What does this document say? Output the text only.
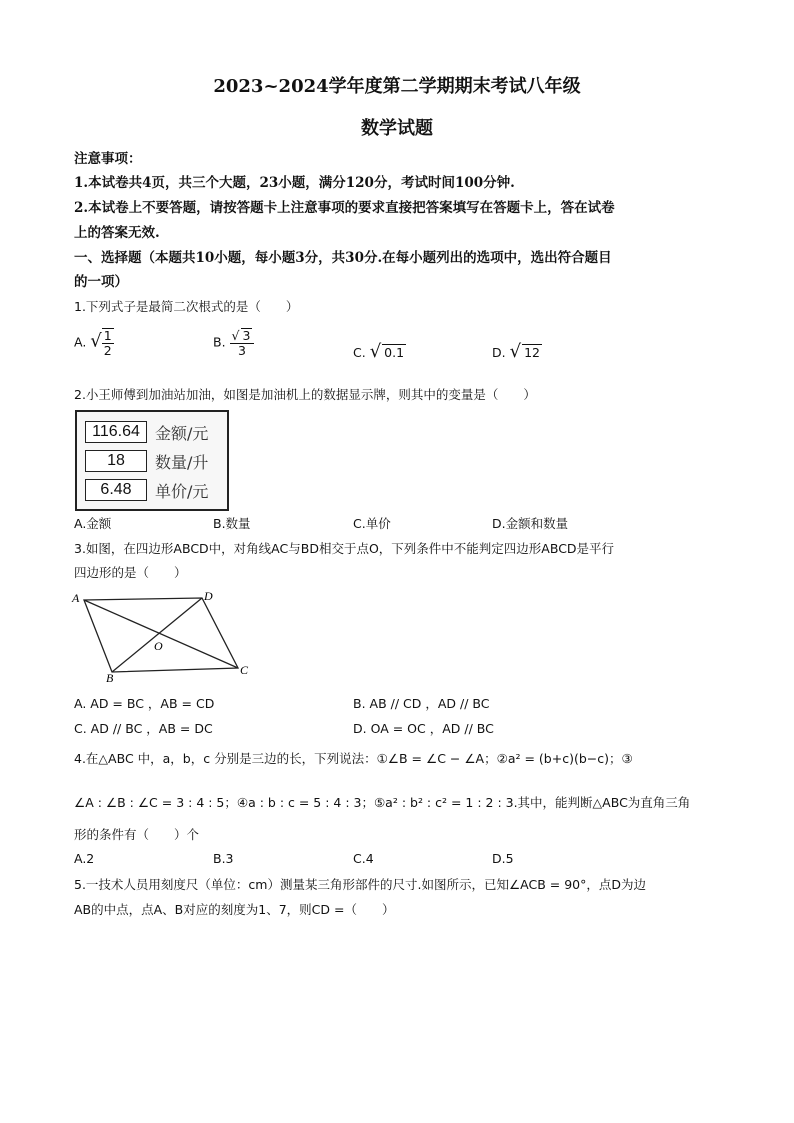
2023~2024学年度第二学期期末考试八年级
数学试题
注意事项：
1.本试卷共4页，共三个大题，23小题，满分120分，考试时间100分钟.
2.本试卷上不要答题，请按答题卡上注意事项的要求直接把答案填写在答题卡上，答在试卷
上的答案无效.
一、选择题（本题共10小题，每小题3分，共30分.在每小题列出的选项中，选出符合题目
的一项）
1.下列式子是最简二次根式的是（　　）
A. √ $\frac{1}{2}$	B. $\frac{√ 3}{3}$	C. √ 0.1	D. √ 12
2.小王师傅到加油站加油，如图是加油机上的数据显示牌，则其中的变量是（　　）
116.64 金额/元
18	数量/升
6.48	单价/元
A.金额	B.数量	C.单价	D.金额和数量
3.如图，在四边形ABCD中，对角线AC与BD相交于点O，下列条件中不能判定四边形ABCD是平行
四边形的是（　　）
A	D
B
C
O
A. AD = BC ，AB = CD	B. AB // CD ，AD // BC
C. AD // BC ，AB = DC	D. OA = OC ，AD // BC
4.在△ABC 中，a，b，c 分别是三边的长，下列说法：①∠B = ∠C − ∠A；②a² = (b+c)(b−c)；③
∠A : ∠B : ∠C = 3 : 4 : 5；④a : b : c = 5 : 4 : 3；⑤a² : b² : c² = 1 : 2 : 3.其中，能判断△ABC为直角三角
形的条件有（　　）个
A.2	B.3	C.4	D.5
5.一技术人员用刻度尺（单位：cm）测量某三角形部件的尺寸.如图所示，已知∠ACB = 90°，点D为边
AB的中点，点A、B对应的刻度为1、7，则CD =（　　）
